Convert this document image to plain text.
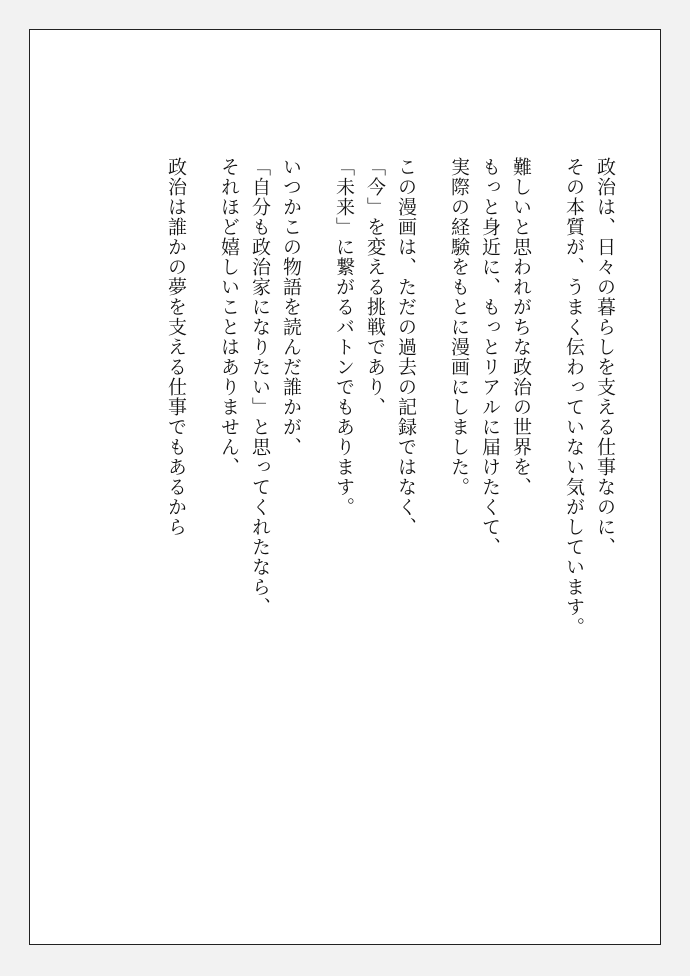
政治は、日々の暮らしを支える仕事なのに、
その本質が、うまく伝わっていない気がしています。
難しいと思われがちな政治の世界を、
もっと身近に、もっとリアルに届けたくて、
実際の経験をもとに漫画にしました。
この漫画は、ただの過去の記録ではなく、
「今」を変える挑戦であり、
「未来」に繋がるバトンでもあります。
いつかこの物語を読んだ誰かが、
「自分も政治家になりたい」と思ってくれたなら、
それほど嬉しいことはありません、
政治は誰かの夢を支える仕事でもあるから
